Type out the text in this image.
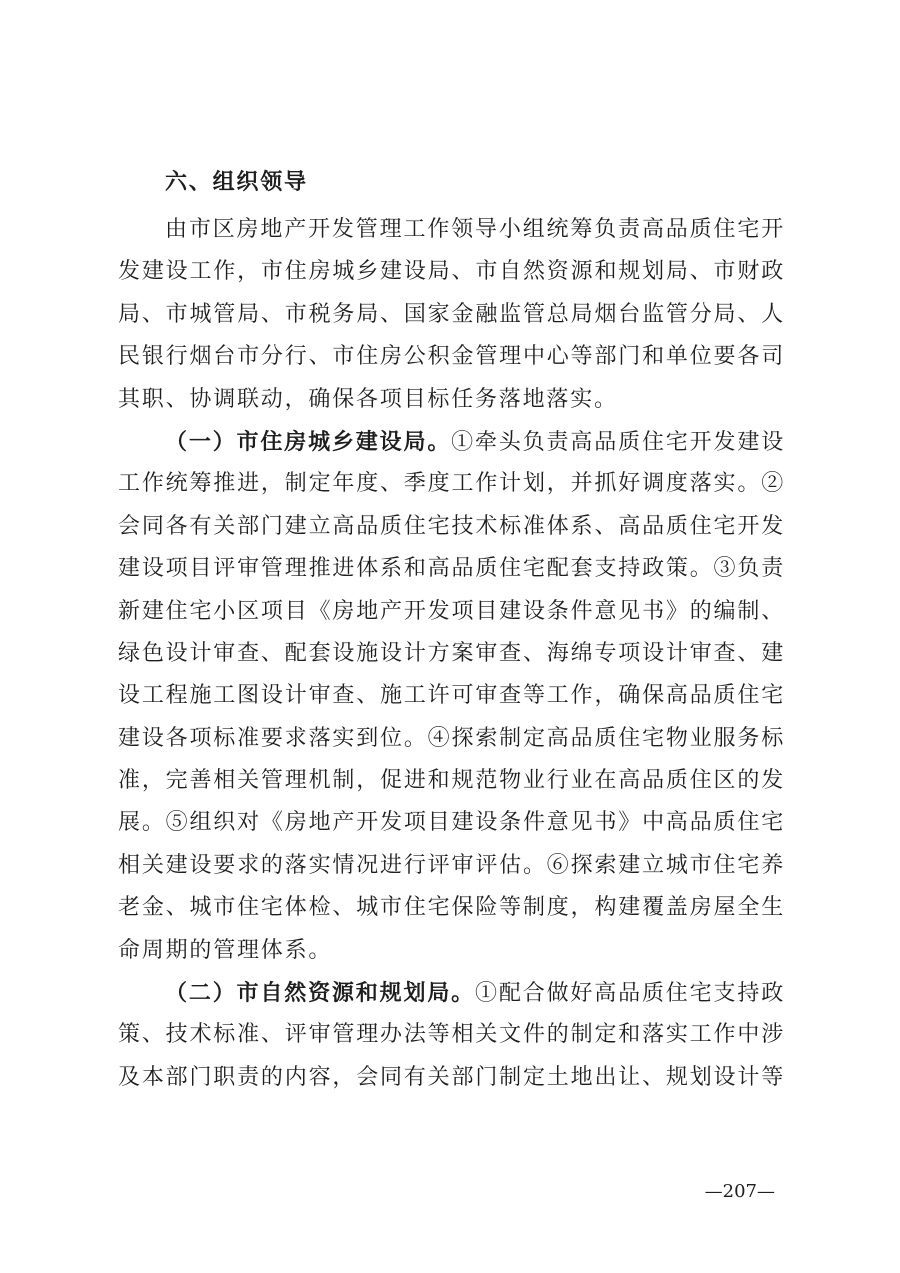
六、组织领导
由市区房地产开发管理工作领导小组统筹负责高品质住宅开
发建设工作，市住房城乡建设局、市自然资源和规划局、市财政
局、市城管局、市税务局、国家金融监管总局烟台监管分局、人
民银行烟台市分行、市住房公积金管理中心等部门和单位要各司
其职、协调联动，确保各项目标任务落地落实。
（一）市住房城乡建设局。①牵头负责高品质住宅开发建设
工作统筹推进，制定年度、季度工作计划，并抓好调度落实。②
会同各有关部门建立高品质住宅技术标准体系、高品质住宅开发
建设项目评审管理推进体系和高品质住宅配套支持政策。③负责
新建住宅小区项目《房地产开发项目建设条件意见书》的编制、
绿色设计审查、配套设施设计方案审查、海绵专项设计审查、建
设工程施工图设计审查、施工许可审查等工作，确保高品质住宅
建设各项标准要求落实到位。④探索制定高品质住宅物业服务标
准，完善相关管理机制，促进和规范物业行业在高品质住区的发
展。⑤组织对《房地产开发项目建设条件意见书》中高品质住宅
相关建设要求的落实情况进行评审评估。⑥探索建立城市住宅养
老金、城市住宅体检、城市住宅保险等制度，构建覆盖房屋全生
命周期的管理体系。
（二）市自然资源和规划局。①配合做好高品质住宅支持政
策、技术标准、评审管理办法等相关文件的制定和落实工作中涉
及本部门职责的内容，会同有关部门制定土地出让、规划设计等
—207—
